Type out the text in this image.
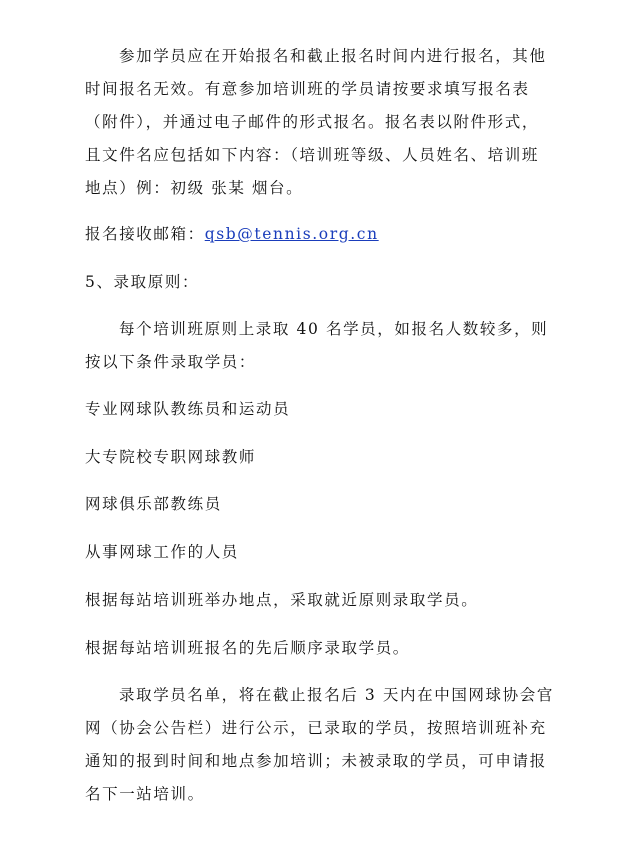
参加学员应在开始报名和截止报名时间内进行报名，其他
时间报名无效。有意参加培训班的学员请按要求填写报名表
（附件），并通过电子邮件的形式报名。报名表以附件形式，
且文件名应包括如下内容：（培训班等级、人员姓名、培训班
地点）例：初级 张某 烟台。
报名接收邮箱：qsb@tennis.org.cn
5、录取原则：
每个培训班原则上录取 40 名学员，如报名人数较多，则
按以下条件录取学员：
专业网球队教练员和运动员
大专院校专职网球教师
网球俱乐部教练员
从事网球工作的人员
根据每站培训班举办地点，采取就近原则录取学员。
根据每站培训班报名的先后顺序录取学员。
录取学员名单，将在截止报名后 3 天内在中国网球协会官
网（协会公告栏）进行公示，已录取的学员，按照培训班补充
通知的报到时间和地点参加培训；未被录取的学员，可申请报
名下一站培训。
